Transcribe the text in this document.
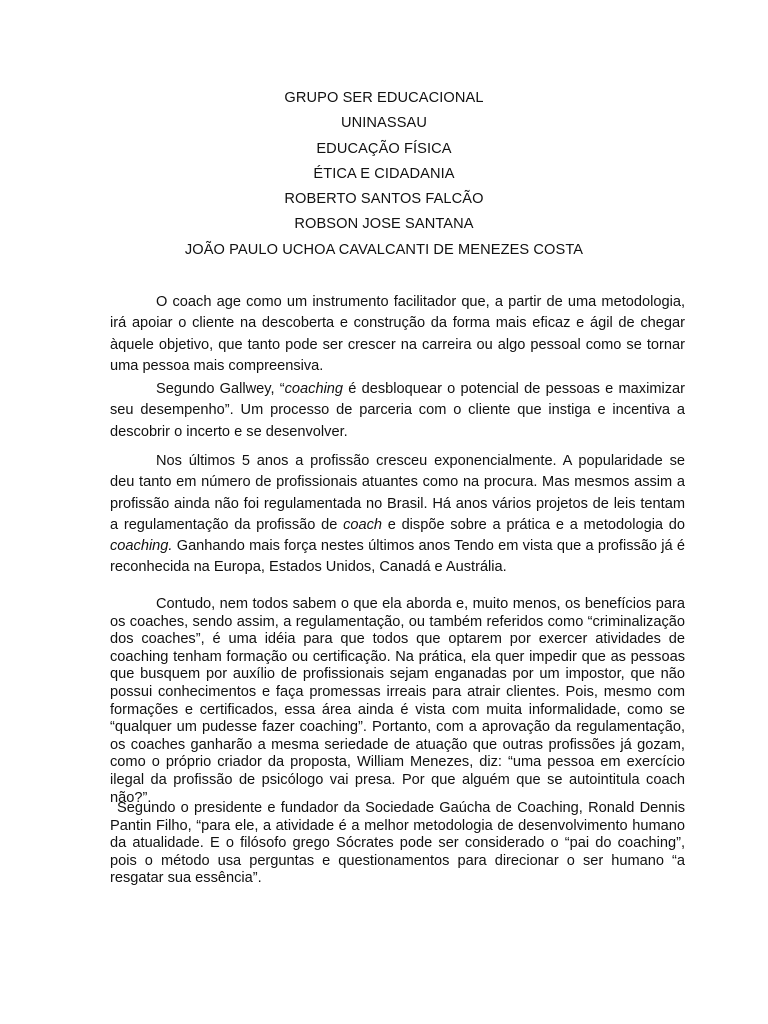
GRUPO SER EDUCACIONAL
UNINASSAU
EDUCAÇÃO FÍSICA
ÉTICA E CIDADANIA
ROBERTO SANTOS FALCÃO
ROBSON JOSE SANTANA
JOÃO PAULO UCHOA CAVALCANTI DE MENEZES COSTA

O coach age como um instrumento facilitador que, a partir de uma metodologia, irá apoiar o cliente na descoberta e construção da forma mais eficaz e ágil de chegar àquele objetivo, que tanto pode ser crescer na carreira ou algo pessoal como se tornar uma pessoa mais compreensiva.

Segundo Gallwey, “coaching é desbloquear o potencial de pessoas e maximizar seu desempenho”. Um processo de parceria com o cliente que instiga e incentiva a descobrir o incerto e se desenvolver.

Nos últimos 5 anos a profissão cresceu exponencialmente. A popularidade se deu tanto em número de profissionais atuantes como na procura. Mas mesmos assim a profissão ainda não foi regulamentada no Brasil. Há anos vários projetos de leis tentam a regulamentação da profissão de coach e dispõe sobre a prática e a metodologia do coaching. Ganhando mais força nestes últimos anos Tendo em vista que a profissão já é reconhecida na Europa, Estados Unidos, Canadá e Austrália.

Contudo, nem todos sabem o que ela aborda e, muito menos, os benefícios para os coaches, sendo assim, a regulamentação, ou também referidos como “criminalização dos coaches”, é uma idéia para que todos que optarem por exercer atividades de coaching tenham formação ou certificação. Na prática, ela quer impedir que as pessoas que busquem por auxílio de profissionais sejam enganadas por um impostor, que não possui conhecimentos e faça promessas irreais para atrair clientes. Pois, mesmo com formações e certificados, essa área ainda é vista com muita informalidade, como se “qualquer um pudesse fazer coaching”. Portanto, com a aprovação da regulamentação, os coaches ganharão a mesma seriedade de atuação que outras profissões já gozam, como o próprio criador da proposta, William Menezes, diz: “uma pessoa em exercício ilegal da profissão de psicólogo vai presa. Por que alguém que se autointitula coach não?”.

Segundo o presidente e fundador da Sociedade Gaúcha de Coaching, Ronald Dennis Pantin Filho, “para ele, a atividade é a melhor metodologia de desenvolvimento humano da atualidade. E o filósofo grego Sócrates pode ser considerado o “pai do coaching”, pois o método usa perguntas e questionamentos para direcionar o ser humano “a resgatar sua essência”.
